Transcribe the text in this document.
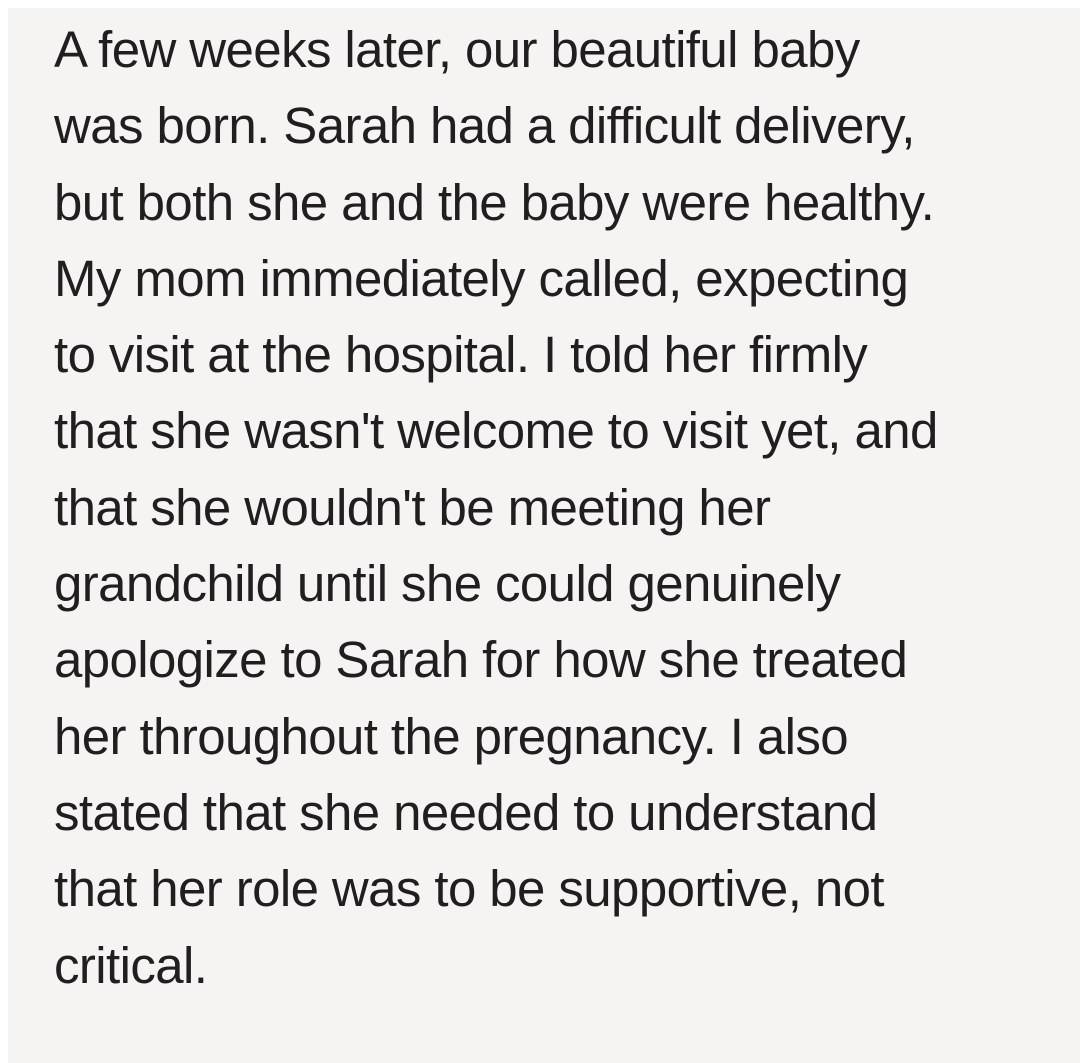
A few weeks later, our beautiful baby
was born. Sarah had a difficult delivery,
but both she and the baby were healthy.
My mom immediately called, expecting
to visit at the hospital. I told her firmly
that she wasn't welcome to visit yet, and
that she wouldn't be meeting her
grandchild until she could genuinely
apologize to Sarah for how she treated
her throughout the pregnancy. I also
stated that she needed to understand
that her role was to be supportive, not
critical.
